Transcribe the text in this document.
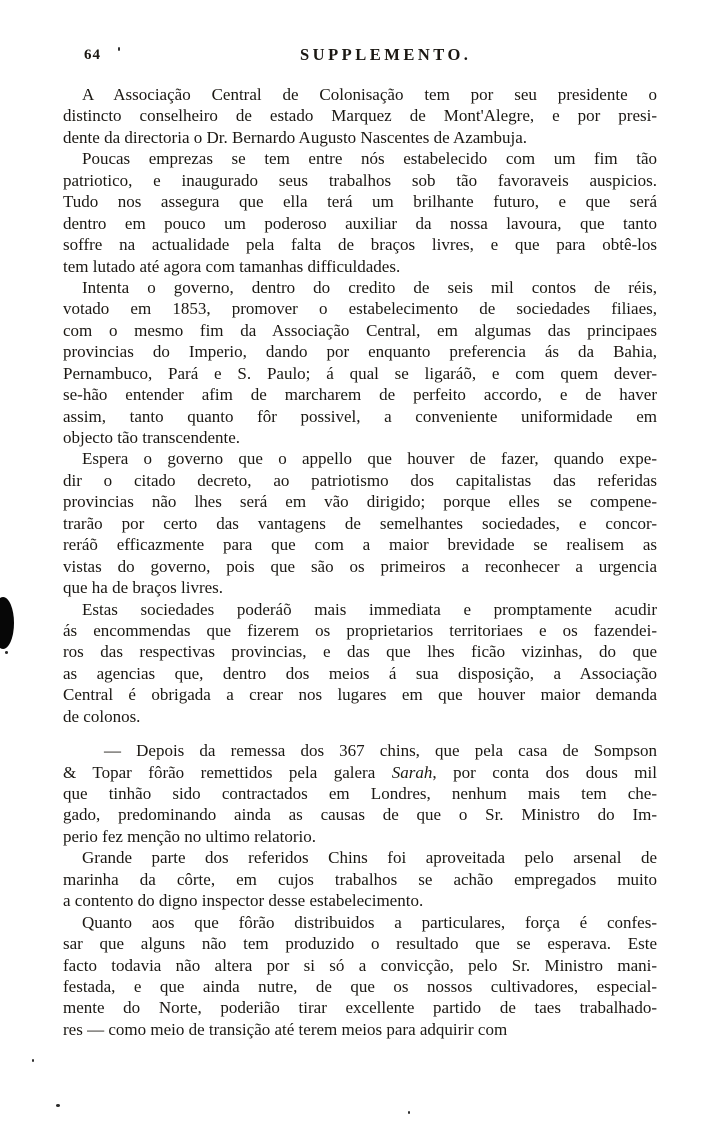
64	SUPPLEMENTO.

A Associação Central de Colonisação tem por seu presidente o
distincto conselheiro de estado Marquez de Mont'Alegre, e por presi-
dente da directoria o Dr. Bernardo Augusto Nascentes de Azambuja.

Poucas emprezas se tem entre nós estabelecido com um fim tão
patriotico, e inaugurado seus trabalhos sob tão favoraveis auspicios.
Tudo nos assegura que ella terá um brilhante futuro, e que será
dentro em pouco um poderoso auxiliar da nossa lavoura, que tanto
soffre na actualidade pela falta de braços livres, e que para obtê-los
tem lutado até agora com tamanhas difficuldades.

Intenta o governo, dentro do credito de seis mil contos de réis,
votado em 1853, promover o estabelecimento de sociedades filiaes,
com o mesmo fim da Associação Central, em algumas das principaes
provincias do Imperio, dando por enquanto preferencia ás da Bahia,
Pernambuco, Pará e S. Paulo; á qual se ligaráõ, e com quem dever-
se-hão entender afim de marcharem de perfeito accordo, e de haver
assim, tanto quanto fôr possivel, a conveniente uniformidade em
objecto tão transcendente.

Espera o governo que o appello que houver de fazer, quando expe-
dir o citado decreto, ao patriotismo dos capitalistas das referidas
provincias não lhes será em vão dirigido; porque elles se compene-
trarão por certo das vantagens de semelhantes sociedades, e concor-
reráõ efficazmente para que com a maior brevidade se realisem as
vistas do governo, pois que são os primeiros a reconhecer a urgencia
que ha de braços livres.

Estas sociedades poderáõ mais immediata e promptamente acudir
ás encommendas que fizerem os proprietarios territoriaes e os fazendei-
ros das respectivas provincias, e das que lhes ficão vizinhas, do que
as agencias que, dentro dos meios á sua disposição, a Associação
Central é obrigada a crear nos lugares em que houver maior demanda
de colonos.

— Depois da remessa dos 367 chins, que pela casa de Sompson
& Topar fôrão remettidos pela galera Sarah, por conta dos dous mil
que tinhão sido contractados em Londres, nenhum mais tem che-
gado, predominando ainda as causas de que o Sr. Ministro do Im-
perio fez menção no ultimo relatorio.

Grande parte dos referidos Chins foi aproveitada pelo arsenal de
marinha da côrte, em cujos trabalhos se achão empregados muito
a contento do digno inspector desse estabelecimento.

Quanto aos que fôrão distribuidos a particulares, força é confes-
sar que alguns não tem produzido o resultado que se esperava. Este
facto todavia não altera por si só a convicção, pelo Sr. Ministro mani-
festada, e que ainda nutre, de que os nossos cultivadores, especial-
mente do Norte, poderião tirar excellente partido de taes trabalhado-
res — como meio de transição até terem meios para adquirir com
